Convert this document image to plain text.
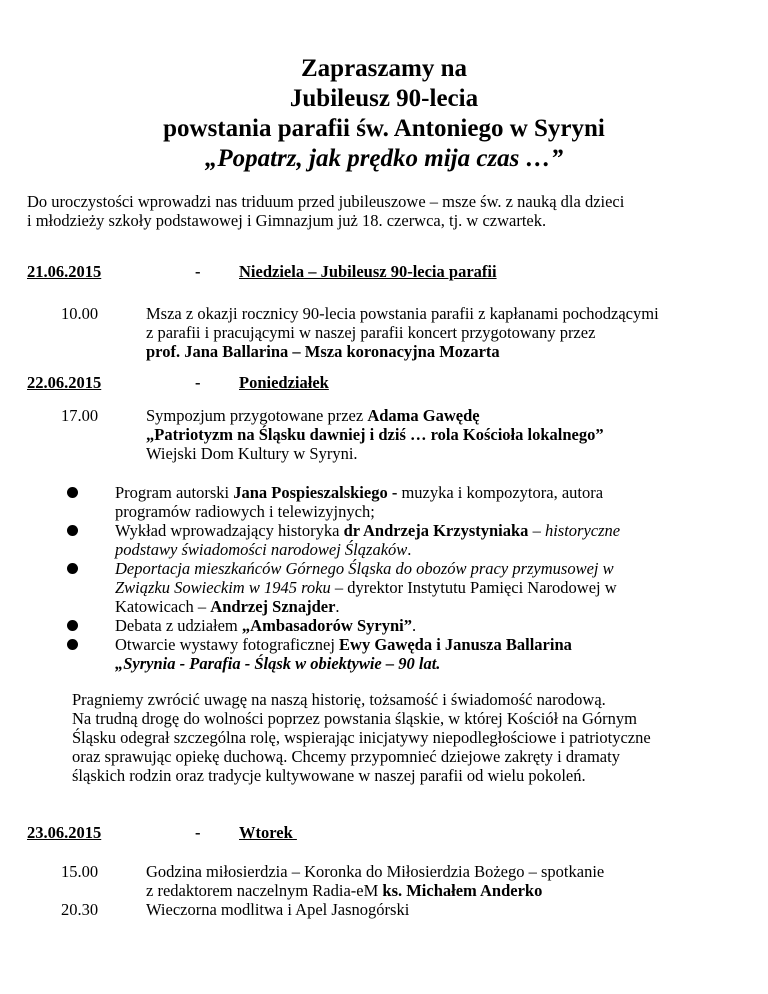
Zapraszamy na
Jubileusz 90-lecia
powstania parafii św. Antoniego w Syryni
„Popatrz, jak prędko mija czas …”
Do uroczystości wprowadzi nas triduum przed jubileuszowe – msze św. z nauką dla dzieci
i młodzieży szkoły podstawowej i Gimnazjum już 18. czerwca, tj. w czwartek.
21.06.2015	- Niedziela – Jubileusz 90-lecia parafii
10.00	Msza z okazji rocznicy 90-lecia powstania parafii z kapłanami pochodzącymi
z parafii i pracującymi w naszej parafii koncert przygotowany przez
prof. Jana Ballarina – Msza koronacyjna Mozarta
22.06.2015	- Poniedziałek
17.00	Sympozjum przygotowane przez Adama Gawędę
„Patriotyzm na Śląsku dawniej i dziś … rola Kościoła lokalnego”
Wiejski Dom Kultury w Syryni.
Program autorski Jana Pospieszalskiego - muzyka i kompozytora, autora
programów radiowych i telewizyjnych;
Wykład wprowadzający historyka dr Andrzeja Krzystyniaka – historyczne
podstawy świadomości narodowej Ślązaków.
Deportacja mieszkańców Górnego Śląska do obozów pracy przymusowej w
Związku Sowieckim w 1945 roku – dyrektor Instytutu Pamięci Narodowej w
Katowicach – Andrzej Sznajder.
Debata z udziałem „Ambasadorów Syryni”.
Otwarcie wystawy fotograficznej Ewy Gawęda i Janusza Ballarina
„Syrynia - Parafia - Śląsk w obiektywie – 90 lat.
Pragniemy zwrócić uwagę na naszą historię, tożsamość i świadomość narodową.
Na trudną drogę do wolności poprzez powstania śląskie, w której Kościół na Górnym
Śląsku odegrał szczególna rolę, wspierając inicjatywy niepodległościowe i patriotyczne
oraz sprawując opiekę duchową. Chcemy przypomnieć dziejowe zakręty i dramaty
śląskich rodzin oraz tradycje kultywowane w naszej parafii od wielu pokoleń.
23.06.2015	- Wtorek
15.00	Godzina miłosierdzia – Koronka do Miłosierdzia Bożego – spotkanie
z redaktorem naczelnym Radia-eM ks. Michałem Anderko
20.30	Wieczorna modlitwa i Apel Jasnogórski
